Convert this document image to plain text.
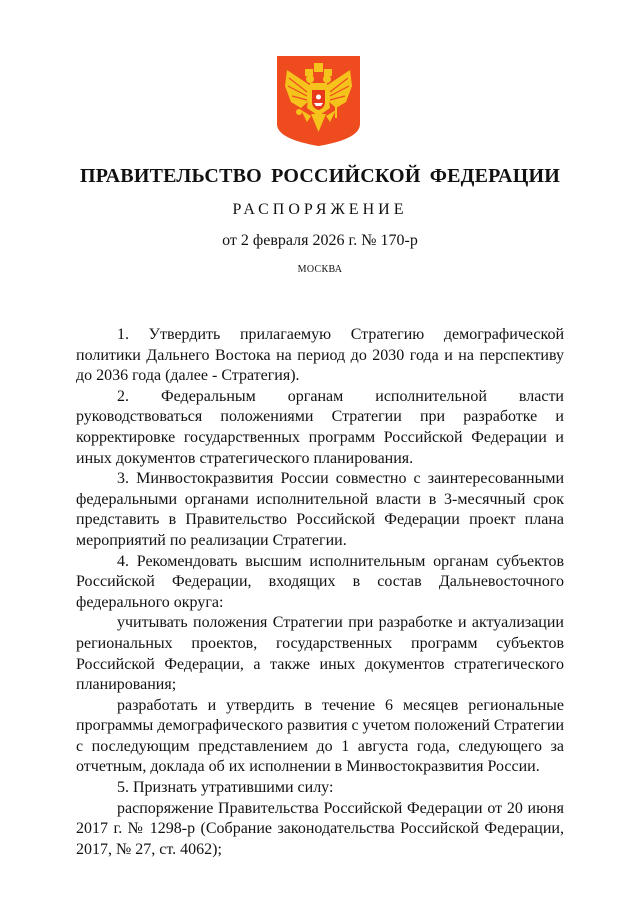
ПРАВИТЕЛЬСТВО РОССИЙСКОЙ ФЕДЕРАЦИИ
РАСПОРЯЖЕНИЕ
от 2 февраля 2026 г. № 170-р
МОСКВА

1. Утвердить прилагаемую Стратегию демографической политики Дальнего Востока на период до 2030 года и на перспективу до 2036 года (далее - Стратегия).

2. Федеральным органам исполнительной власти руководствоваться положениями Стратегии при разработке и корректировке государственных программ Российской Федерации и иных документов стратегического планирования.

3. Минвостокразвития России совместно с заинтересованными федеральными органами исполнительной власти в 3-месячный срок представить в Правительство Российской Федерации проект плана мероприятий по реализации Стратегии.

4. Рекомендовать высшим исполнительным органам субъектов Российской Федерации, входящих в состав Дальневосточного федерального округа:

учитывать положения Стратегии при разработке и актуализации региональных проектов, государственных программ субъектов Российской Федерации, а также иных документов стратегического планирования;

разработать и утвердить в течение 6 месяцев региональные программы демографического развития с учетом положений Стратегии с последующим представлением до 1 августа года, следующего за отчетным, доклада об их исполнении в Минвостокразвития России.

5. Признать утратившими силу:

распоряжение Правительства Российской Федерации от 20 июня 2017 г. № 1298-р (Собрание законодательства Российской Федерации, 2017, № 27, ст. 4062);
